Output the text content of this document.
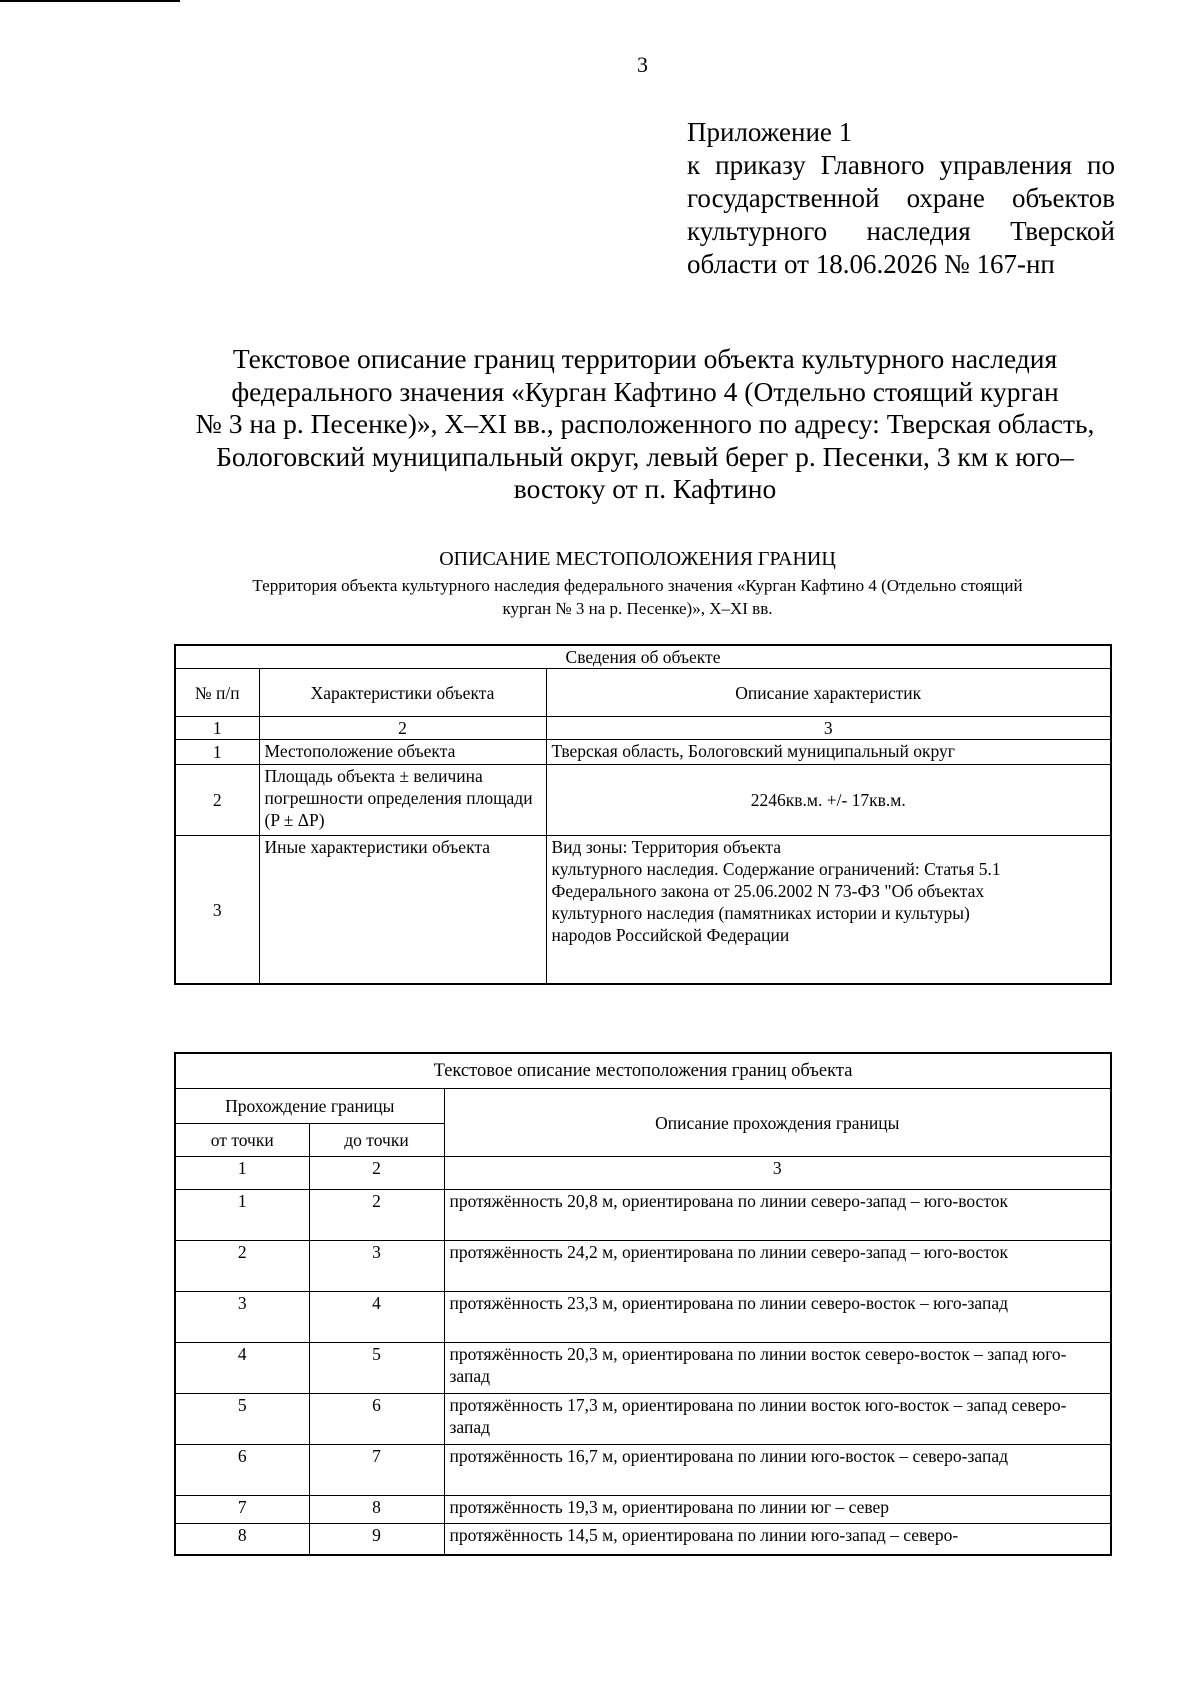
3
Приложение 1
к приказу Главного управления по
государственной охране объектов
культурного наследия Тверской
области от 18.06.2026 № 167-нп
Текстовое описание границ территории объекта культурного наследия
федерального значения «Курган Кафтино 4 (Отдельно стоящий курган
№ 3 на р. Песенке)», X–XI вв., расположенного по адресу: Тверская область,
Бологовский муниципальный округ, левый берег р. Песенки, 3 км к юго–
востоку от п. Кафтино
ОПИСАНИЕ МЕСТОПОЛОЖЕНИЯ ГРАНИЦ
Территория объекта культурного наследия федерального значения «Курган Кафтино 4 (Отдельно стоящий
курган № 3 на р. Песенке)», X–XI вв.
Сведения об объекте		
№ п/п	Характеристики объекта	Описание характеристик
1	2	3
1	Местоположение объекта	Тверская область, Бологовский муниципальный округ
2	Площадь объекта ± величина погрешности определения площади (P ± ΔP)	2246кв.м. +/- 17кв.м.
3	Иные характеристики объекта	Вид зоны: Территория объекта
культурного наследия. Содержание ограничений: Статья 5.1
Федерального закона от 25.06.2002 N 73-ФЗ "Об объектах
культурного наследия (памятниках истории и культуры)
народов Российской Федерации
Текстовое описание местоположения границ объекта		
Прохождение границы		Описание прохождения границы
от точки	до точки	
1	2	3
1	2	протяжённость 20,8 м, ориентирована по линии северо-запад – юго-восток
2	3	протяжённость 24,2 м, ориентирована по линии северо-запад – юго-восток
3	4	протяжённость 23,3 м, ориентирована по линии северо-восток – юго-запад
4	5	протяжённость 20,3 м, ориентирована по линии восток северо-восток – запад юго-запад
5	6	протяжённость 17,3 м, ориентирована по линии восток юго-восток – запад северо-запад
6	7	протяжённость 16,7 м, ориентирована по линии юго-восток – северо-запад
7	8	протяжённость 19,3 м, ориентирована по линии юг – север
8	9	протяжённость 14,5 м, ориентирована по линии юго-запад – северо-
